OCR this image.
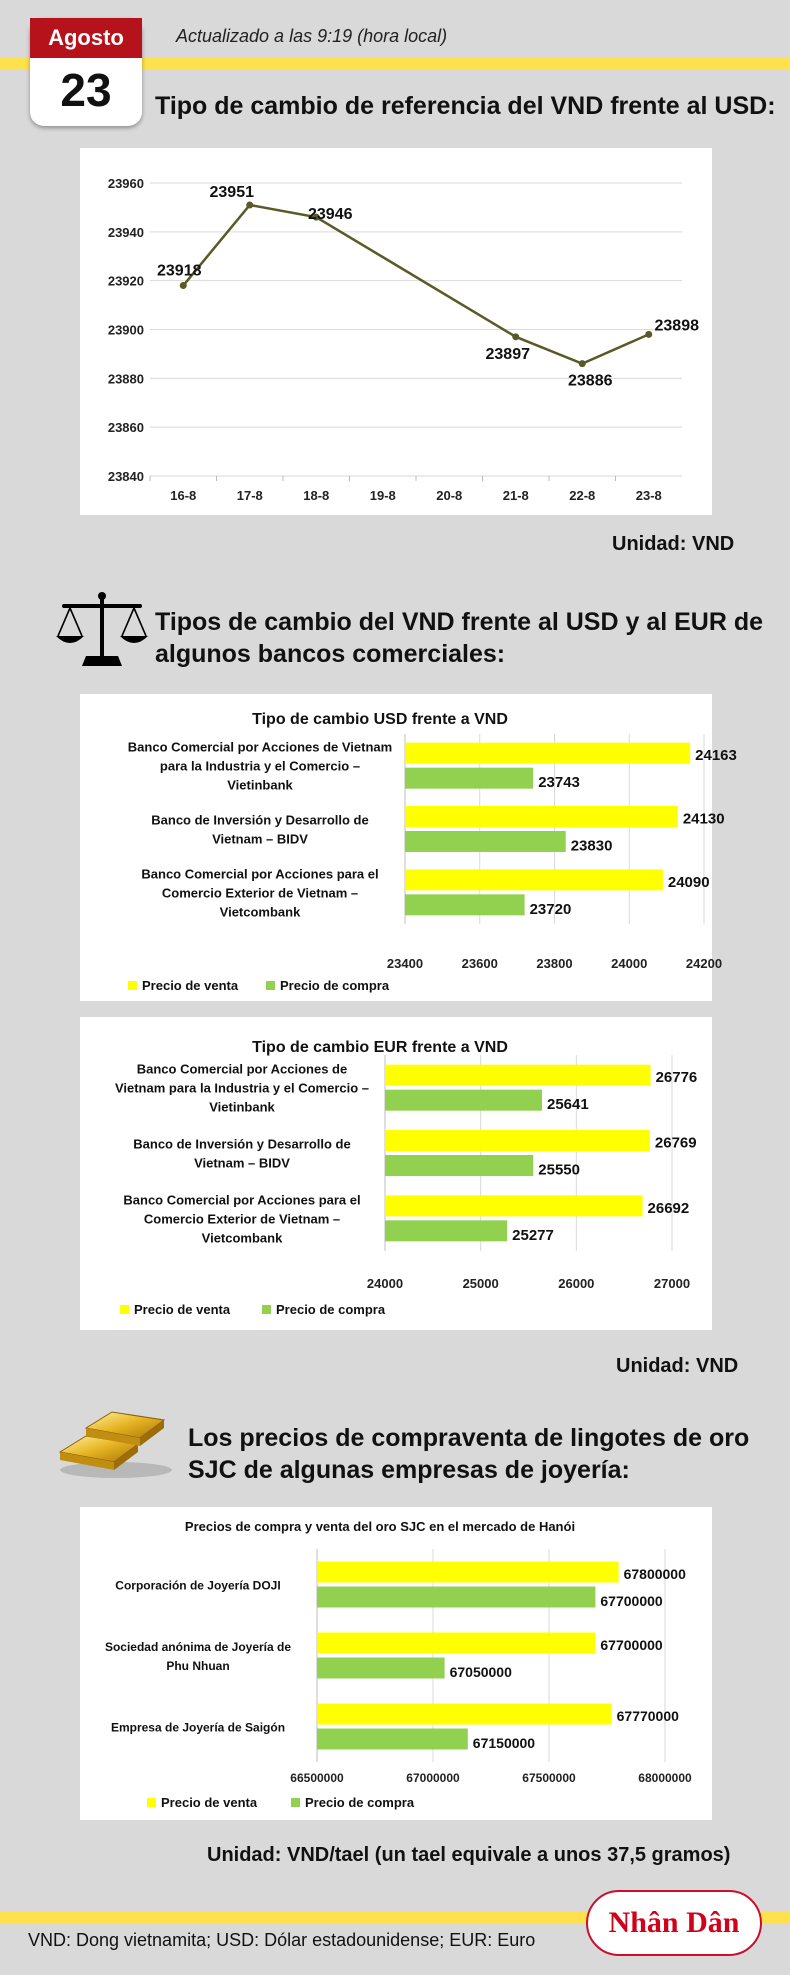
Agosto
23
Actualizado a las 9:19 (hora local)
Tipo de cambio de referencia del VND frente al USD:
23840
23860
23880
23900
23920
23940
23960
16-8	17-8	18-8	19-8	20-8	21-8	22-8	23-8
23918
23951
23946
23897
23886
23898
Unidad: VND
Tipos de cambio del VND frente al USD y al EUR de
algunos bancos comerciales:
Tipo de cambio USD frente a VND
23400	23600	23800	24000	24200
Banco Comercial por Acciones de Vietnam
para la Industria y el Comercio –
Vietinbank
24163
23743
Banco de Inversión y Desarrollo de
Vietnam – BIDV
24130
23830
Banco Comercial por Acciones para el
Comercio Exterior de Vietnam –
Vietcombank
24090
23720
Precio de venta	Precio de compra
Tipo de cambio EUR frente a VND
24000	25000	26000	27000
Banco Comercial por Acciones de
Vietnam para la Industria y el Comercio –
Vietinbank
26776
25641
Banco de Inversión y Desarrollo de
Vietnam – BIDV
26769
25550
Banco Comercial por Acciones para el
Comercio Exterior de Vietnam –
Vietcombank
26692
25277
Precio de venta	Precio de compra
Unidad: VND
Los precios de compraventa de lingotes de oro
SJC de algunas empresas de joyería:
Precios de compra y venta del oro SJC en el mercado de Hanói
66500000	67000000	67500000	68000000
Corporación de Joyería DOJI
67800000
67700000
Sociedad anónima de Joyería de
Phu Nhuan
67700000
67050000
Empresa de Joyería de Saigón
67770000
67150000
Precio de venta	Precio de compra
Unidad: VND/tael (un tael equivale a unos 37,5 gramos)
VND: Dong vietnamita; USD: Dólar estadounidense; EUR: Euro
Nhân Dân
